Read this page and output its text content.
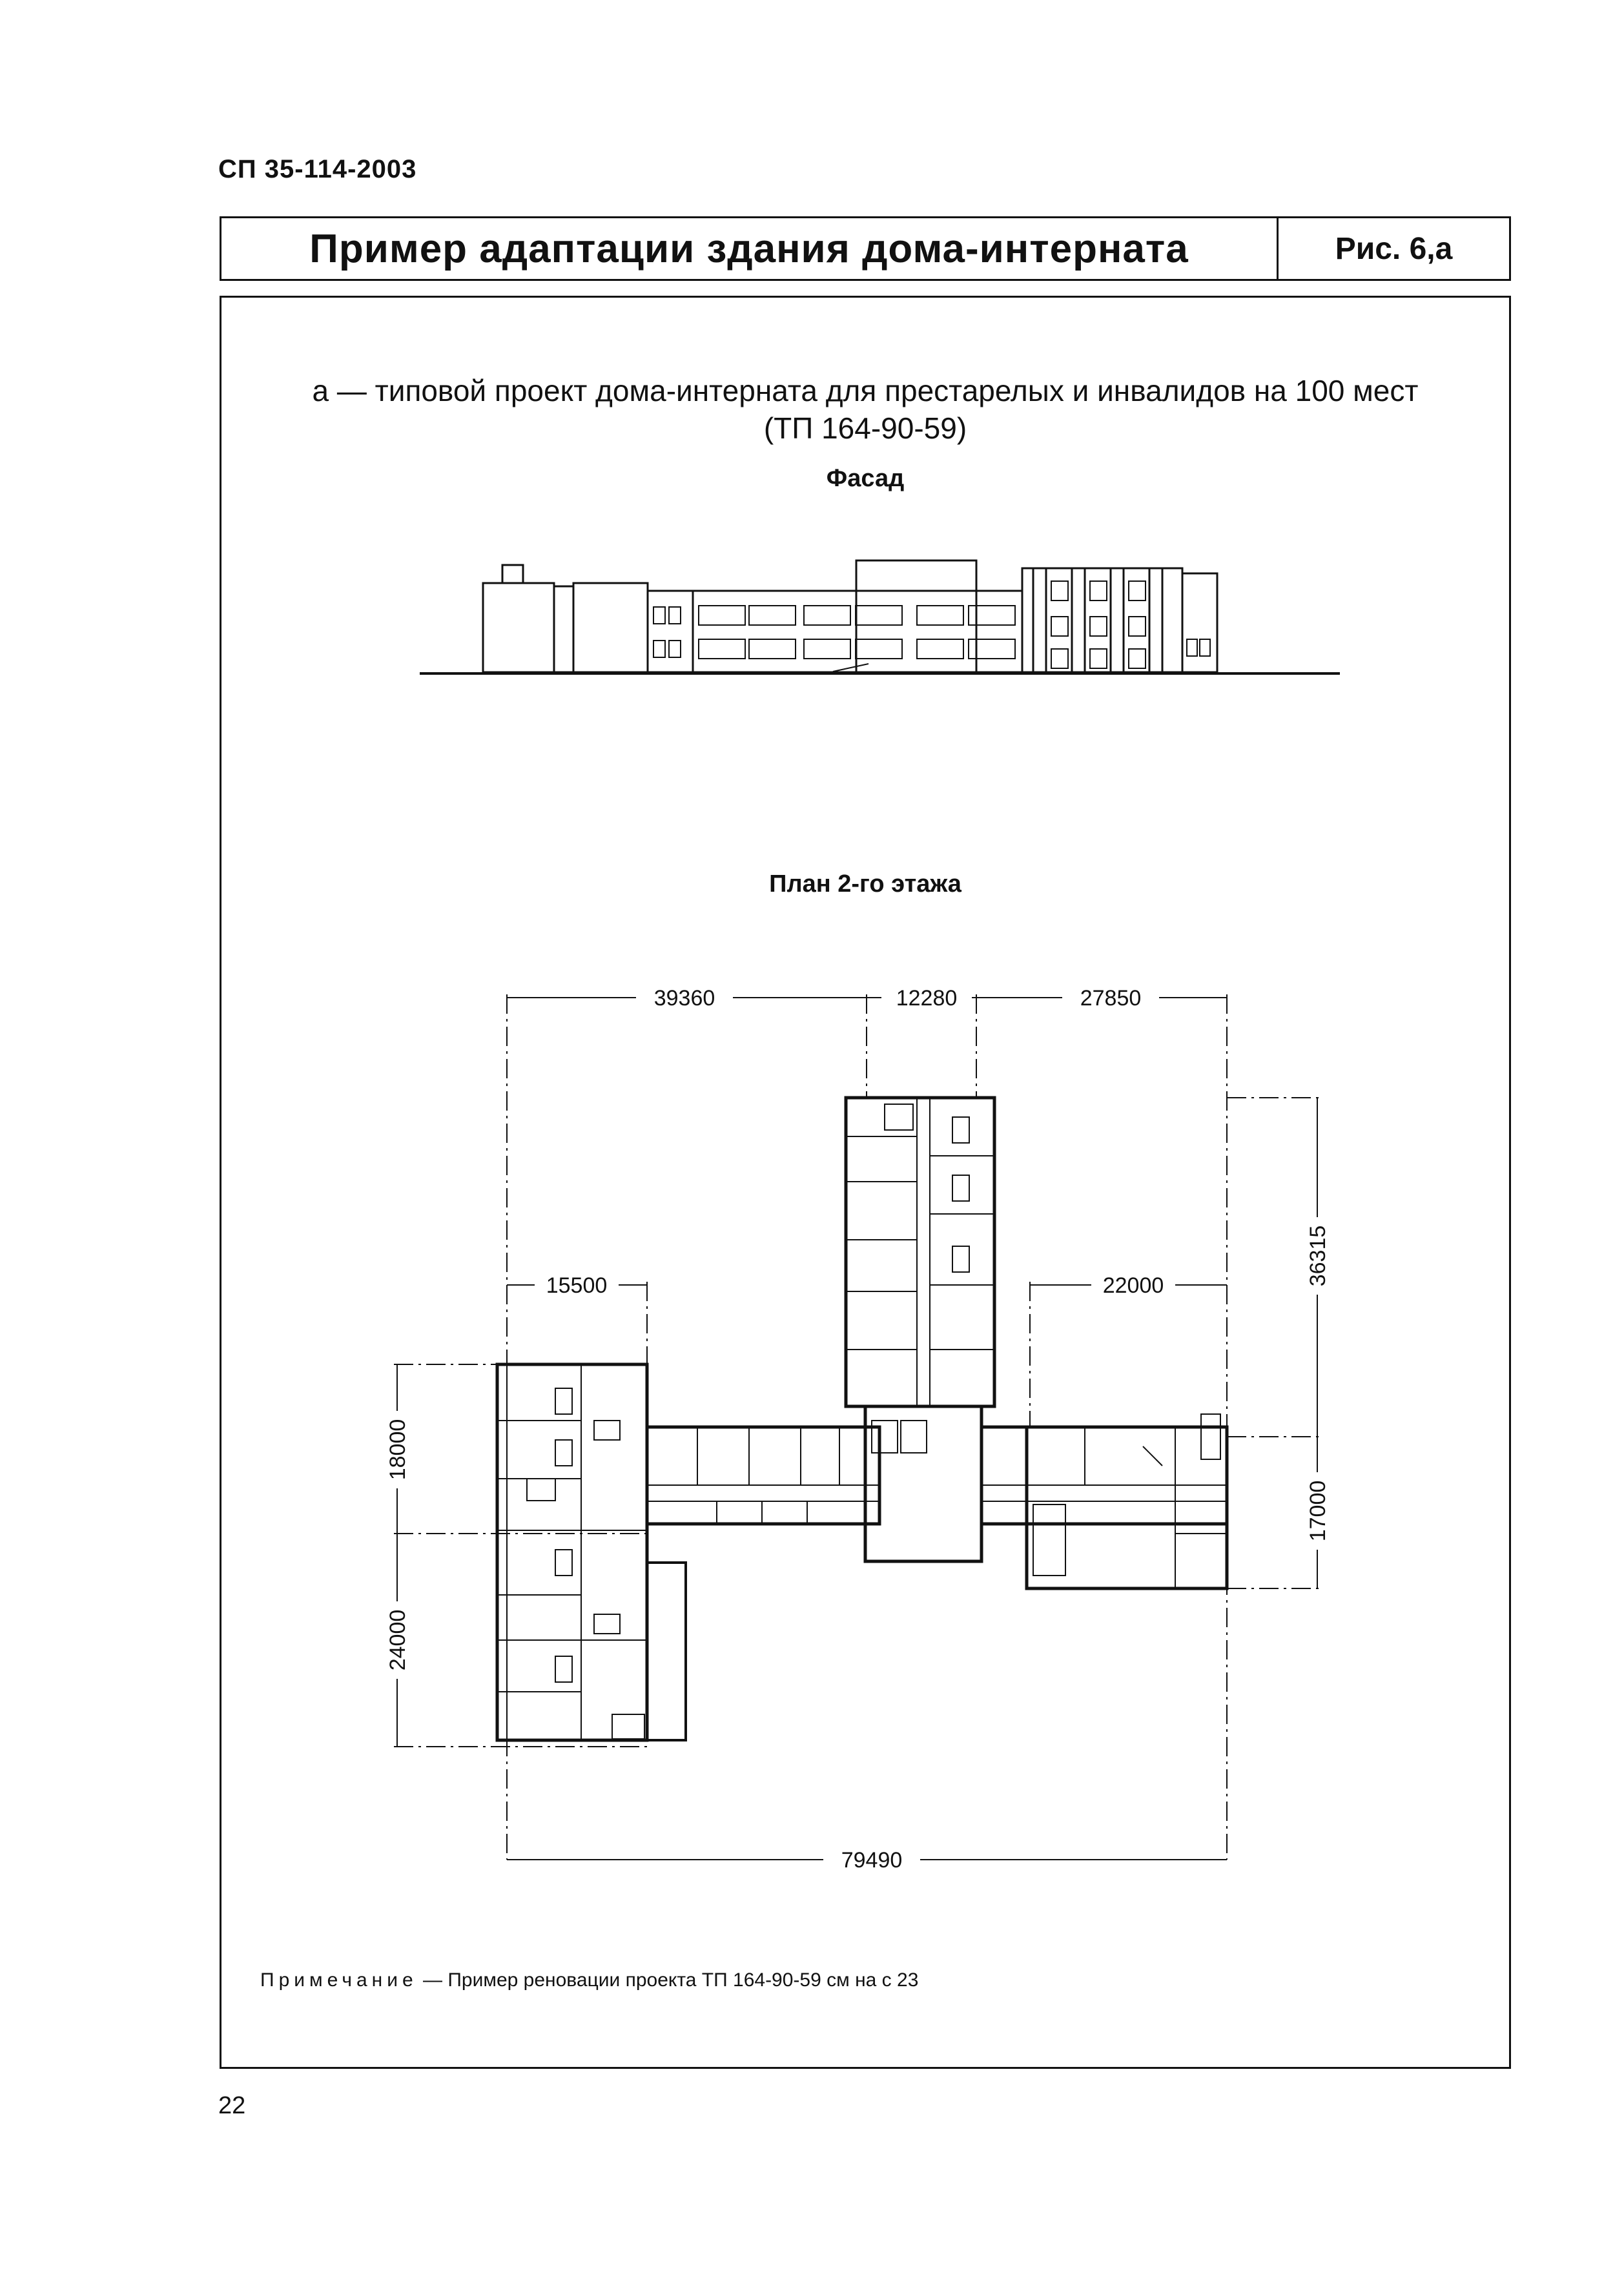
СП 35-114-2003
Пример адаптации здания дома-интерната	Рис. 6,а
а — типовой проект дома-интерната для престарелых и инвалидов на 100 мест
(ТП 164-90-59)
Фасад
План 2-го этажа
39360	12280	27850
15500	22000
79490
36315
17000
18000
24000
Примечание — Пример реновации проекта ТП 164-90-59 см на с 23
22
